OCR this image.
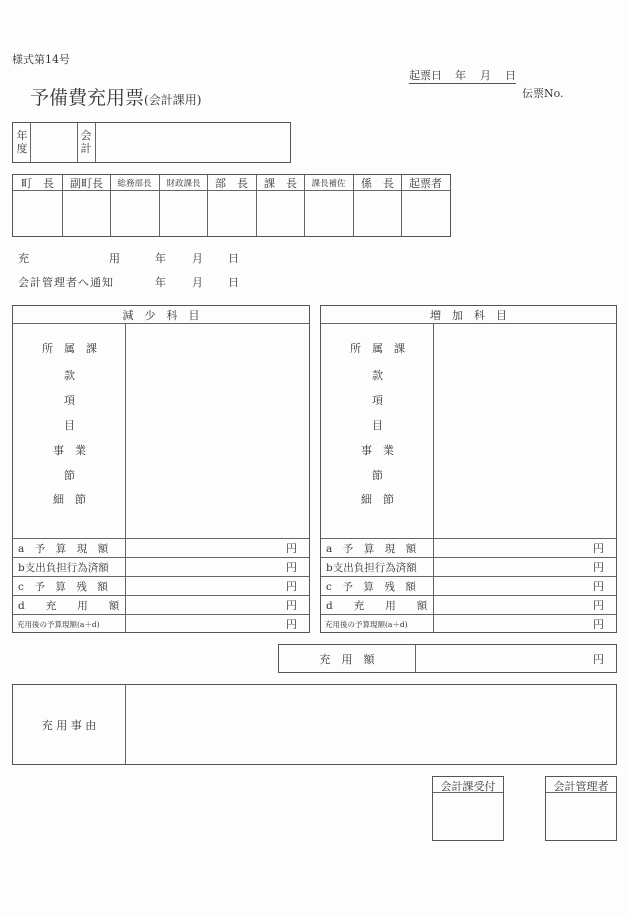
様式第14号
予備費充用票(会計課用)
起票日 年 月 日
伝票No.
年
度
会
計
町　長	副町長	総務部長	財政課長	部　長	課　長	課長補佐	係　長	起票者
充	用	年 月 日
会計管理者へ通知	年 月 日
減　少　科　目
所　属　課
款
項
目
事　業
節
細　節
a　予　算　現　額	円
b支出負担行為済額	円
c　予　算　残　額	円
d　　充　　用　　額	円
充用後の予算現額(a＋d)	円
増　加　科　目
所　属　課
款
項
目
事　業
節
細　節
a　予　算　現　額	円
b支出負担行為済額	円
c　予　算　残　額	円
d　　充　　用　　額	円
充用後の予算現額(a＋d)	円
充　用　額	円
充 用 事 由
会計課受付	会計管理者
